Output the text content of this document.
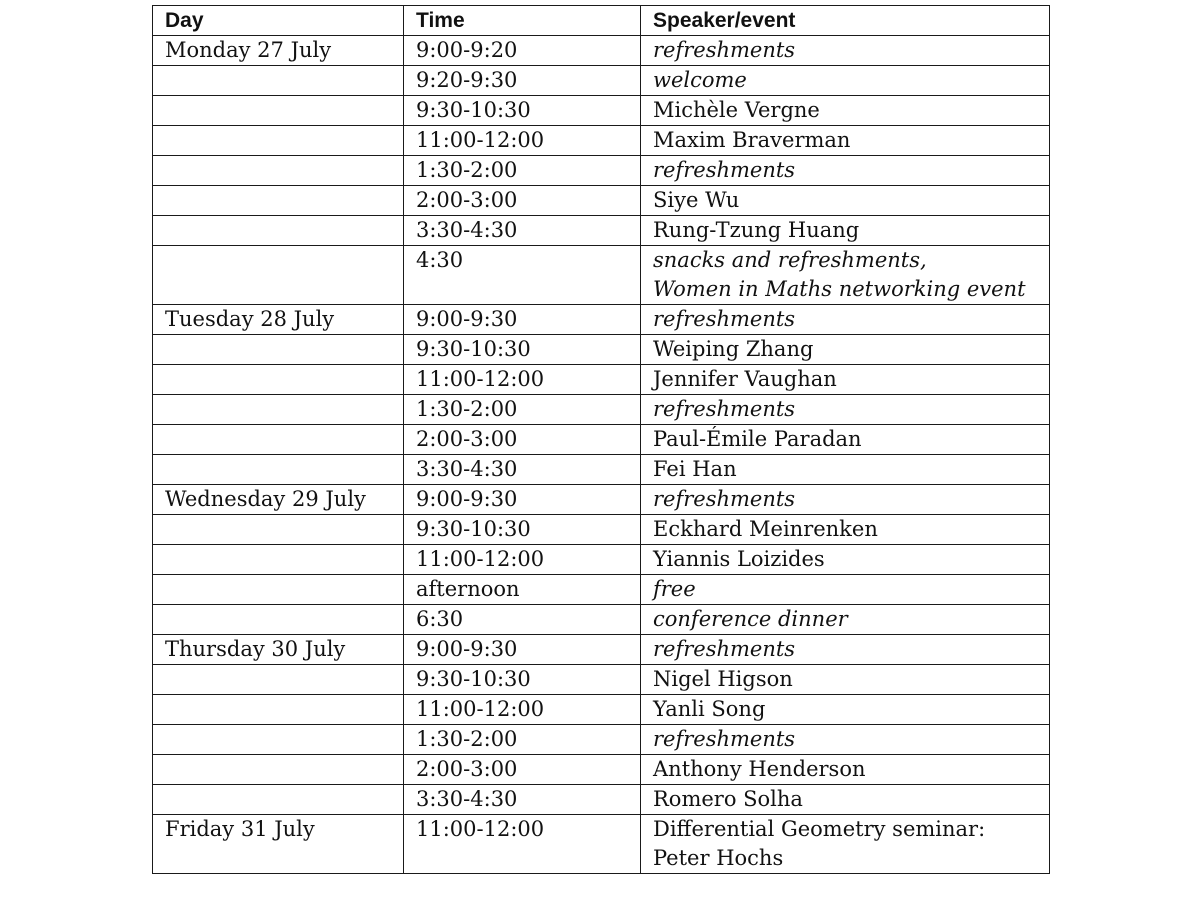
Day	Time	Speaker/event
Monday 27 July	9:00-9:20	refreshments

	9:20-9:30	welcome

	9:30-10:30	Michèle Vergne

	11:00-12:00	Maxim Braverman

	1:30-2:00	refreshments

	2:00-3:00	Siye Wu

	3:30-4:30	Rung-Tzung Huang

	4:30	snacks and refreshments,
Women in Maths networking event

Tuesday 28 July	9:00-9:30	refreshments

	9:30-10:30	Weiping Zhang

	11:00-12:00	Jennifer Vaughan

	1:30-2:00	refreshments

	2:00-3:00	Paul-Émile Paradan

	3:30-4:30	Fei Han

Wednesday 29 July	9:00-9:30	refreshments

	9:30-10:30	Eckhard Meinrenken

	11:00-12:00	Yiannis Loizides

	afternoon	free

	6:30	conference dinner

Thursday 30 July	9:00-9:30	refreshments

	9:30-10:30	Nigel Higson

	11:00-12:00	Yanli Song

	1:30-2:00	refreshments

	2:00-3:00	Anthony Henderson

	3:30-4:30	Romero Solha

Friday 31 July	11:00-12:00	Differential Geometry seminar:
Peter Hochs
